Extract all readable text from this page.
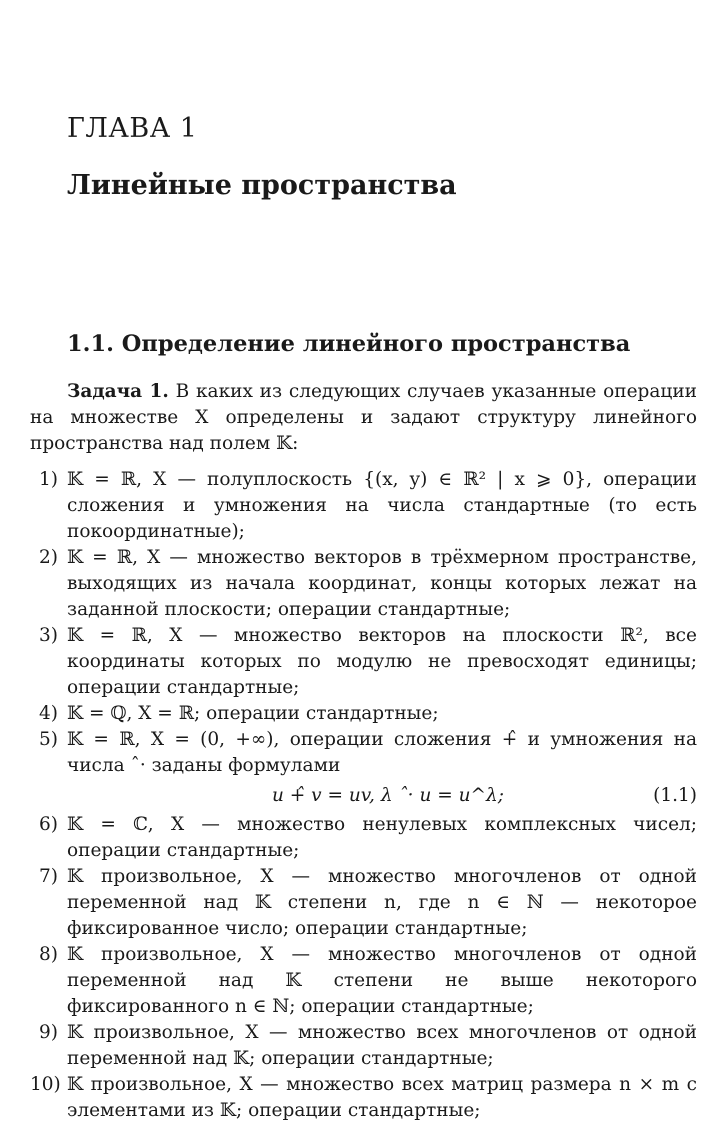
ГЛАВА 1
Линейные пространства
1.1. Определение линейного пространства
Задача 1. В каких из следующих случаев указанные операции на множестве X определены и задают структуру линейного пространства над полем 𝕂:
1) 𝕂 = ℝ, X — полуплоскость {(x, y) ∈ ℝ² | x ⩾ 0}, операции сложения и умножения на числа стандартные (то есть покоординатные);
2) 𝕂 = ℝ, X — множество векторов в трёхмерном пространстве, выходящих из начала координат, концы которых лежат на заданной плоскости; операции стандартные;
3) 𝕂 = ℝ, X — множество векторов на плоскости ℝ², все координаты которых по модулю не превосходят единицы; операции стандартные;
4) 𝕂 = ℚ, X = ℝ; операции стандартные;
5) 𝕂 = ℝ, X = (0, +∞), операции сложения +̂ и умножения на числа ˆ· заданы формулами
u +̂ v = uv, λ ˆ· u = u^λ;	(1.1)
6) 𝕂 = ℂ, X — множество ненулевых комплексных чисел; операции стандартные;
7) 𝕂 произвольное, X — множество многочленов от одной переменной над 𝕂 степени n, где n ∈ ℕ — некоторое фиксированное число; операции стандартные;
8) 𝕂 произвольное, X — множество многочленов от одной переменной над 𝕂 степени не выше некоторого фиксированного n ∈ ℕ; операции стандартные;
9) 𝕂 произвольное, X — множество всех многочленов от одной переменной над 𝕂; операции стандартные;
10) 𝕂 произвольное, X — множество всех матриц размера n × m с элементами из 𝕂; операции стандартные;
